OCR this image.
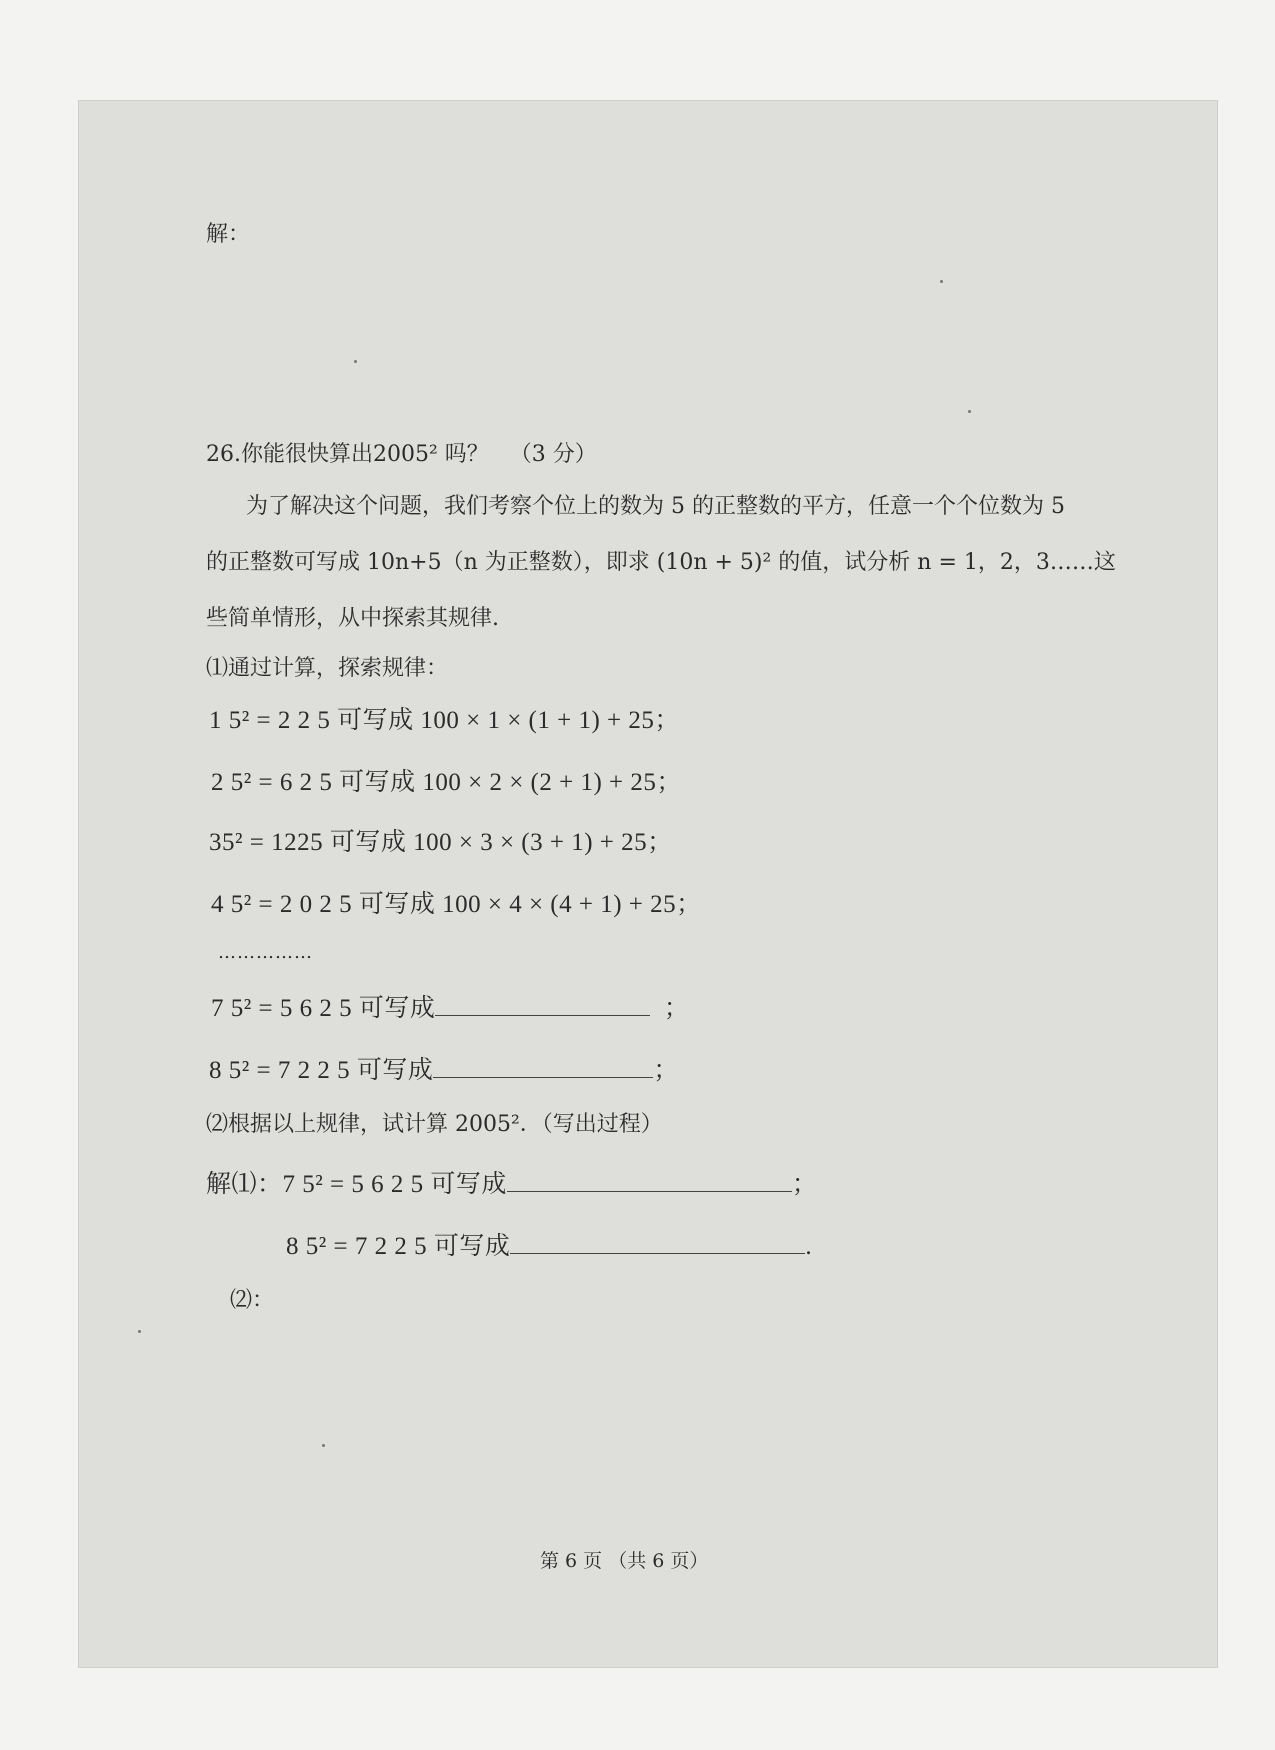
解：
26.你能很快算出2005² 吗？ （3 分）
为了解决这个问题，我们考察个位上的数为 5 的正整数的平方，任意一个个位数为 5
的正整数可写成 10n+5（n 为正整数），即求 (10n + 5)² 的值，试分析 n = 1，2，3……这
些简单情形，从中探索其规律.
⑴通过计算，探索规律：
1 5² = 2 2 5 可写成 100 × 1 × (1 + 1) + 25；
2 5² = 6 2 5 可写成 100 × 2 × (2 + 1) + 25；
35² = 1225 可写成 100 × 3 × (3 + 1) + 25；
4 5² = 2 0 2 5 可写成 100 × 4 × (4 + 1) + 25；
……………
7 5² = 5 6 2 5 可写成	；
8 5² = 7 2 2 5 可写成	；
⑵根据以上规律，试计算 2005²．（写出过程）
解⑴：7 5² = 5 6 2 5 可写成	；
8 5² = 7 2 2 5 可写成	.
⑵：
第 6 页 （共 6 页）
